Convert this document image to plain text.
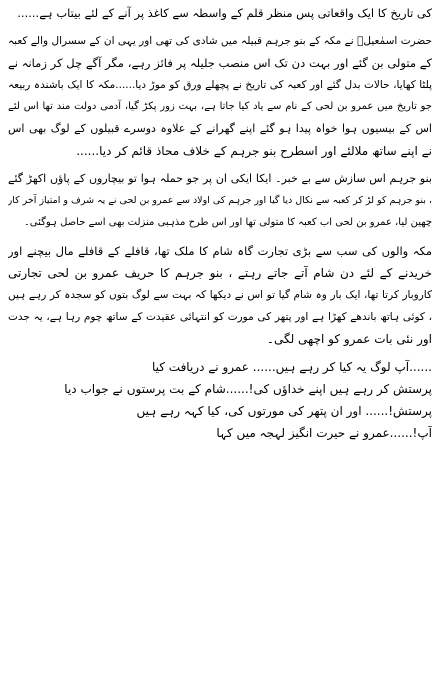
کی تاریخ کا ایک واقعاتی پس منظر قلم کے واسطہ سے کاغذ پر آنے کے لئے بیتاب ہے......
حضرت اسمٰعیلؑ نے مکہ کے بنو جرہم قبیلہ میں شادی کی تھی اور یہی ان کے سسرال والے کعبہ
کے متولی بن گئے اور بہت دن تک اس منصب جلیلہ پر فائز رہے، مگر آگے چل کر زمانہ نے
پلٹا کھایا، حالات بدل گئے اور کعبہ کی تاریخ نے پچھلے ورق کو موڑ دیا......مکہ کا ایک باشندہ ربیعہ
جو تاریخ میں عمرو بن لحی کے نام سے یاد کیا جاتا ہے، بہت زور پکڑ گیا، آدمی دولت مند تھا اس لئے
اس کے بیسیوں ہوا خواہ پیدا ہو گئے اپنے گھرانے کے علاوہ دوسرے قبیلوں کے لوگ بھی اس
نے اپنے ساتھ ملالئے اور اسطرح بنو جرہم کے خلاف محاذ قائم کر دیا......
بنو جرہم اس سازش سے بے خبر۔ ایکا ایکی ان پر جو حملہ ہوا تو بیچاروں کے پاؤں اکھڑ گئے
، بنو جرہم کو لڑ کر کعبہ سے نکال دیا گیا اور جرہم کی اولاد سے عمرو بن لحی نے یہ شرف و امتیاز آخر کار
چھین لیا، عمرو بن لحی اب کعبہ کا متولی تھا اور اس طرح مذہبی منزلت بھی اسے حاصل ہوگئی۔
مکہ والوں کی سب سے بڑی تجارت گاہ شام کا ملک تھا، قافلے کے قافلے مال بیچنے اور
خریدنے کے لئے دن شام آتے جاتے رہتے ، بنو جرہم کا حریف عمرو بن لحی تجارتی
کاروبار کرتا تھا، ایک بار وہ شام گیا تو اس نے دیکھا کہ بہت سے لوگ بتوں کو سجدہ کر رہے ہیں
، کوئی ہاتھ باندھے کھڑا ہے اور پتھر کی مورت کو انتہائی عقیدت کے ساتھ چوم رہا ہے، یہ جدت
اور نئی بات عمرو کو اچھی لگی۔
......آپ لوگ یہ کیا کر رہے ہیں...... عمرو نے دریافت کیا
پرستش کر رہے ہیں اپنے خداؤں کی!......شام کے بت پرستوں نے جواب دیا
پرستش!...... اور ان پتھر کی مورتوں کی، کیا کہہ رہے ہیں
آپ!......عمرو نے حیرت انگیز لہجہ میں کہا
